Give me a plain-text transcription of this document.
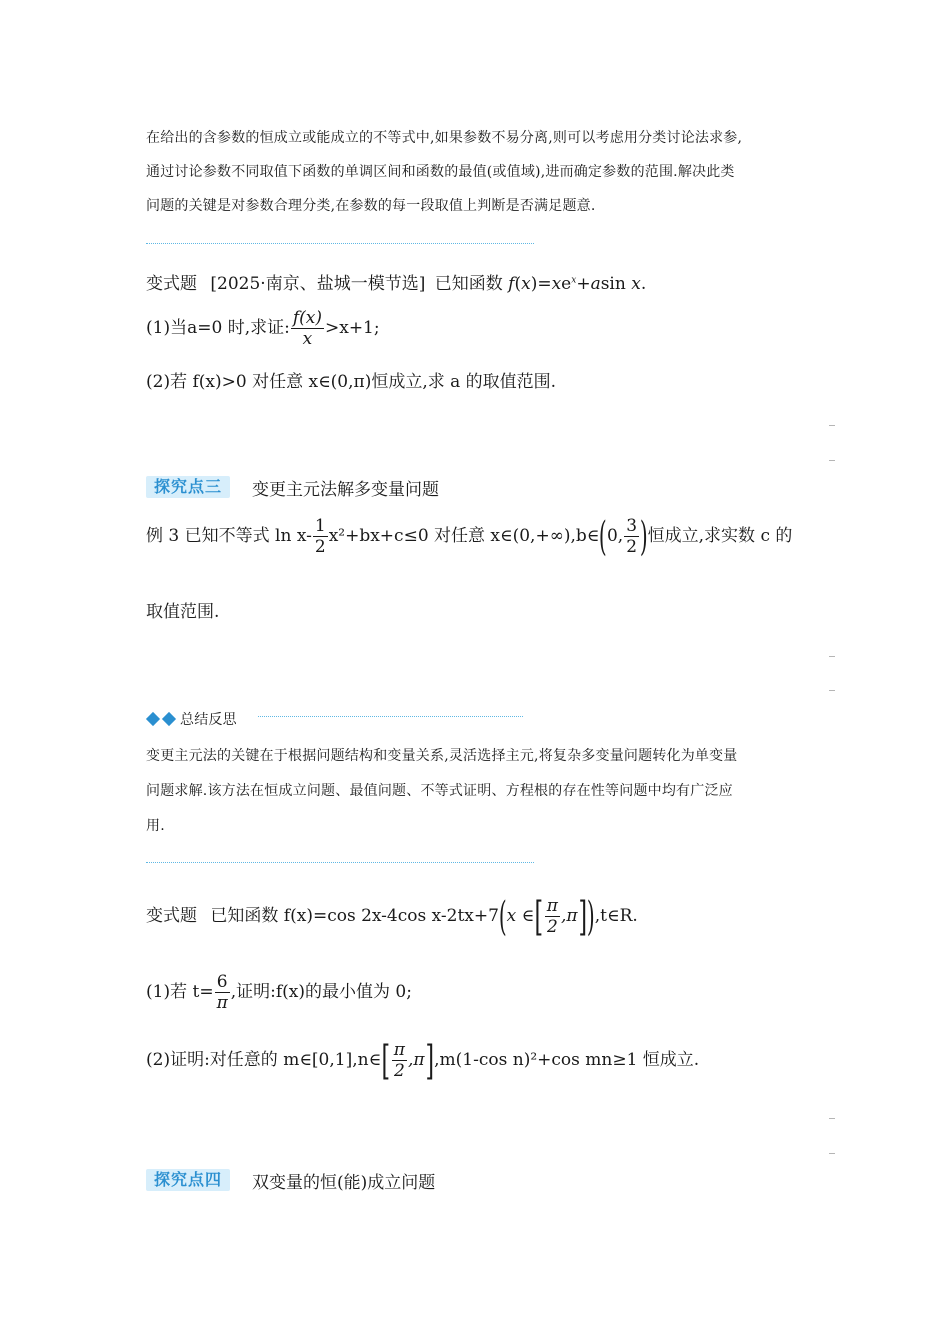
在给出的含参数的恒成立或能成立的不等式中,如果参数不易分离,则可以考虑用分类讨论法求参,
通过讨论参数不同取值下函数的单调区间和函数的最值(或值域),进而确定参数的范围.解决此类
问题的关键是对参数合理分类,在参数的每一段取值上判断是否满足题意.
变式题 [2025·南京、盐城一模节选] 已知函数 $f(x)=xe^x+asin$ x.
(1)当a=0 时,求证: $\frac{f(x)}{x} >x+1$;
(2)若 f(x)>0 对任意 x∈(0,π)恒成立,求 a 的取值范围.
探究点三	变更主元法解多变量问题
例 3 已知不等式 $\ln x- \frac{1}{2} x^2+bx+c\le 0$ 对任意 x∈(0,+∞),b∈(0, $\frac{3}{2}$ )恒成立,求实数 c 的
取值范围.
总结反思
变更主元法的关键在于根据问题结构和变量关系,灵活选择主元,将复杂多变量问题转化为单变量
问题求解.该方法在恒成立问题、最值问题、不等式证明、方程根的存在性等问题中均有广泛应
用.
变式题 已知函数 f(x)=cos 2x-4cos x-2tx+7(x ∈[ $\frac{\pi}{2}$ ,π]),t∈R.
(1)若 $t= \frac{6}{\pi}$ ,证明:f(x)的最小值为 0;
(2)证明:对任意的 m∈[0,1],n∈[ $\frac{\pi}{2} ,\pi],m(1-\cos$ n)²+cos mn≥1 恒成立.
探究点四	双变量的恒(能)成立问题
